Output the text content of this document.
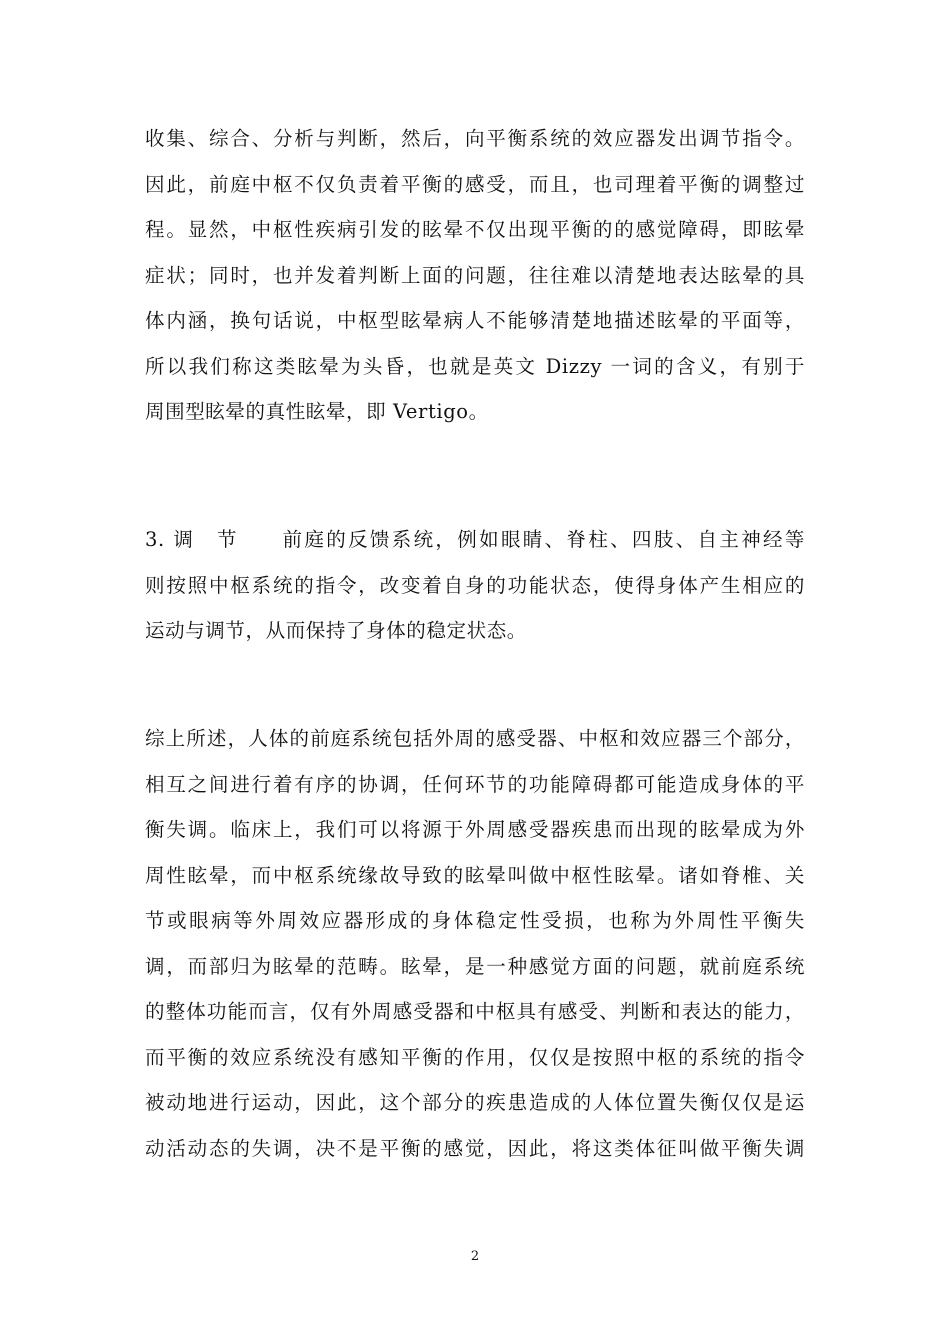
收集、综合、分析与判断，然后，向平衡系统的效应器发出调节指令。
因此，前庭中枢不仅负责着平衡的感受，而且，也司理着平衡的调整过
程。显然，中枢性疾病引发的眩晕不仅出现平衡的的感觉障碍，即眩晕
症状；同时，也并发着判断上面的问题，往往难以清楚地表达眩晕的具
体内涵，换句话说，中枢型眩晕病人不能够清楚地描述眩晕的平面等，
所以我们称这类眩晕为头昏，也就是英文 Dizzy 一词的含义，有别于
周围型眩晕的真性眩晕，即 Vertigo。
3. 调　节　　前庭的反馈系统，例如眼睛、脊柱、四肢、自主神经等
则按照中枢系统的指令，改变着自身的功能状态，使得身体产生相应的
运动与调节，从而保持了身体的稳定状态。
综上所述，人体的前庭系统包括外周的感受器、中枢和效应器三个部分，
相互之间进行着有序的协调，任何环节的功能障碍都可能造成身体的平
衡失调。临床上，我们可以将源于外周感受器疾患而出现的眩晕成为外
周性眩晕，而中枢系统缘故导致的眩晕叫做中枢性眩晕。诸如脊椎、关
节或眼病等外周效应器形成的身体稳定性受损，也称为外周性平衡失
调，而部归为眩晕的范畴。眩晕，是一种感觉方面的问题，就前庭系统
的整体功能而言，仅有外周感受器和中枢具有感受、判断和表达的能力，
而平衡的效应系统没有感知平衡的作用，仅仅是按照中枢的系统的指令
被动地进行运动，因此，这个部分的疾患造成的人体位置失衡仅仅是运
动活动态的失调，决不是平衡的感觉，因此，将这类体征叫做平衡失调
2
